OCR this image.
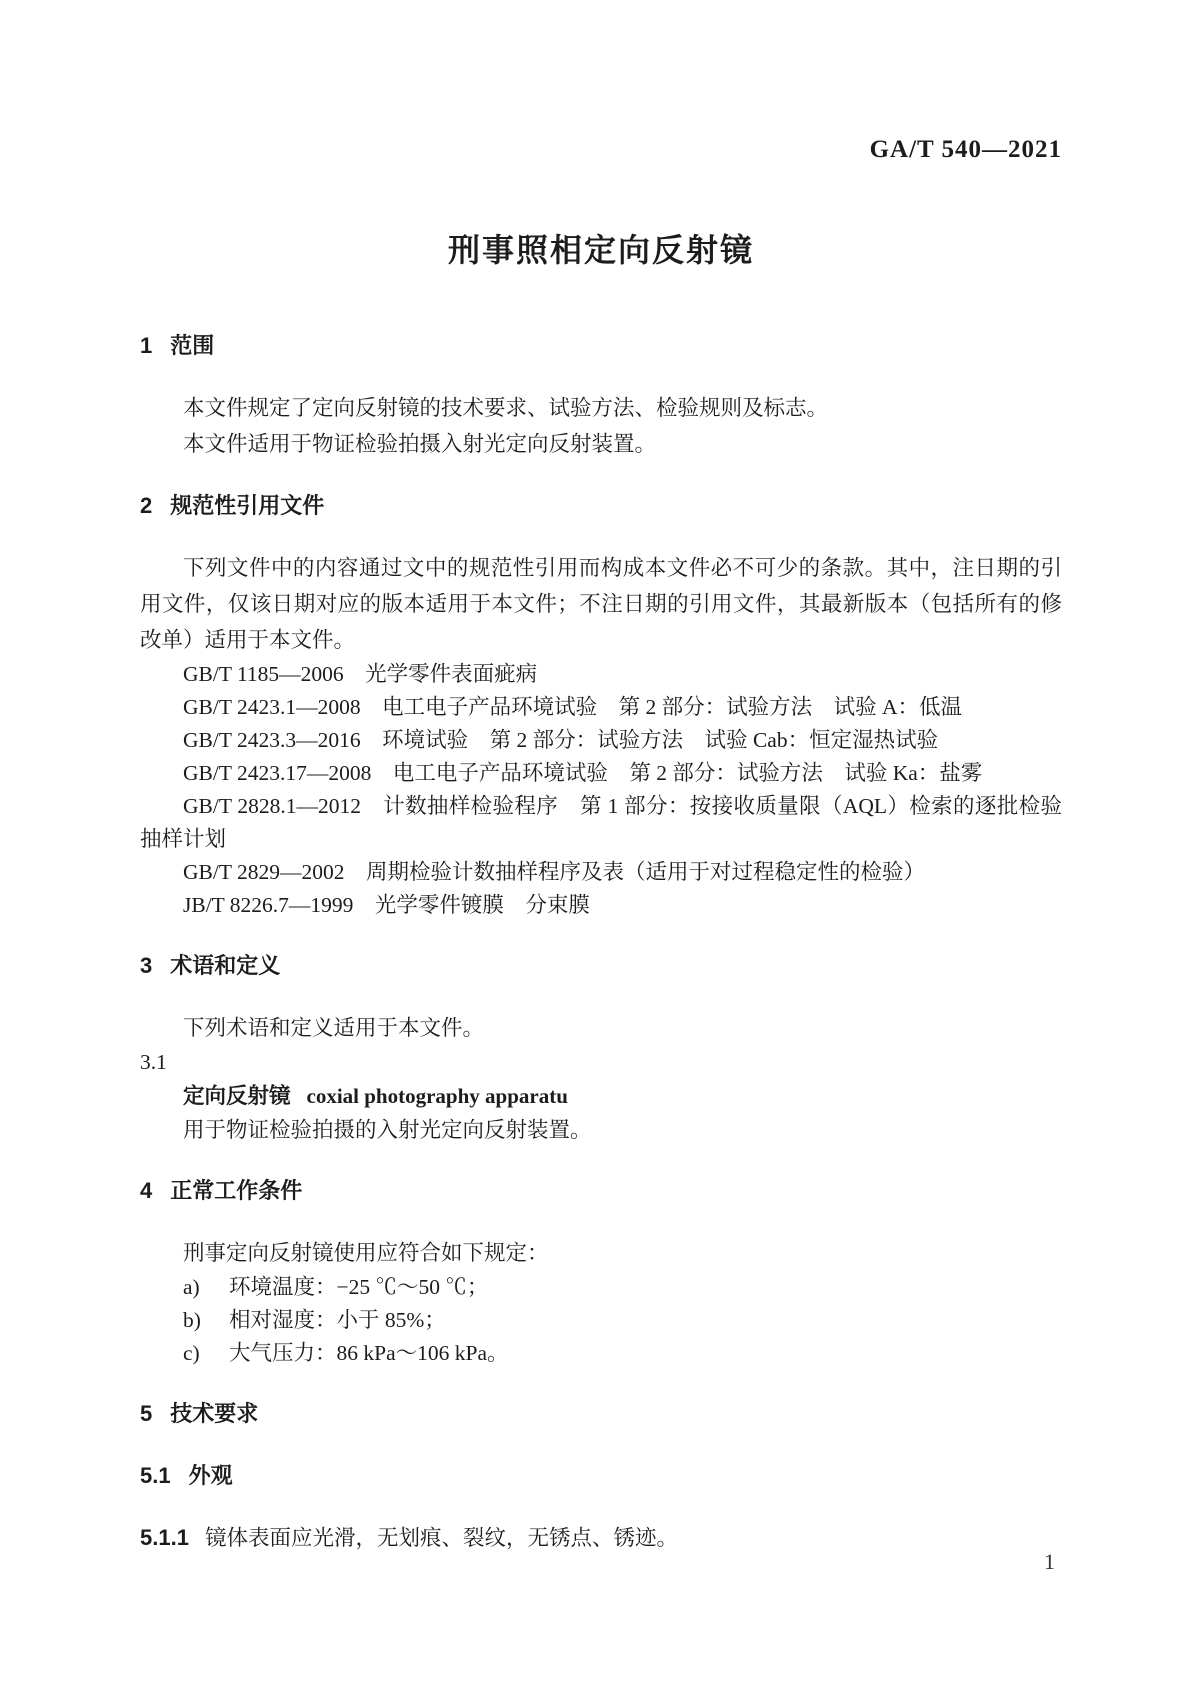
GA/T 540—2021
刑事照相定向反射镜
1 范围

本文件规定了定向反射镜的技术要求、试验方法、检验规则及标志。

本文件适用于物证检验拍摄入射光定向反射装置。

2 规范性引用文件

下列文件中的内容通过文中的规范性引用而构成本文件必不可少的条款。其中，注日期的引用文件，仅该日期对应的版本适用于本文件；不注日期的引用文件，其最新版本（包括所有的修改单）适用于本文件。

GB/T 1185—2006　光学零件表面疵病

GB/T 2423.1—2008　电工电子产品环境试验　第 2 部分：试验方法　试验 A：低温

GB/T 2423.3—2016　环境试验　第 2 部分：试验方法　试验 Cab：恒定湿热试验

GB/T 2423.17—2008　电工电子产品环境试验　第 2 部分：试验方法　试验 Ka：盐雾

GB/T 2828.1—2012　计数抽样检验程序　第 1 部分：按接收质量限（AQL）检索的逐批检验抽样计划

GB/T 2829—2002　周期检验计数抽样程序及表（适用于对过程稳定性的检验）

JB/T 8226.7—1999　光学零件镀膜　分束膜

3 术语和定义

下列术语和定义适用于本文件。

3.1
定向反射镜 coxial photography apparatu
用于物证检验拍摄的入射光定向反射装置。
4 正常工作条件

刑事定向反射镜使用应符合如下规定：

a)	环境温度：−25 ℃～50 ℃；
b)	相对湿度：小于 85%；
c)	大气压力：86 kPa～106 kPa。
5 技术要求
5.1 外观
5.1.1 镜体表面应光滑，无划痕、裂纹，无锈点、锈迹。
1
